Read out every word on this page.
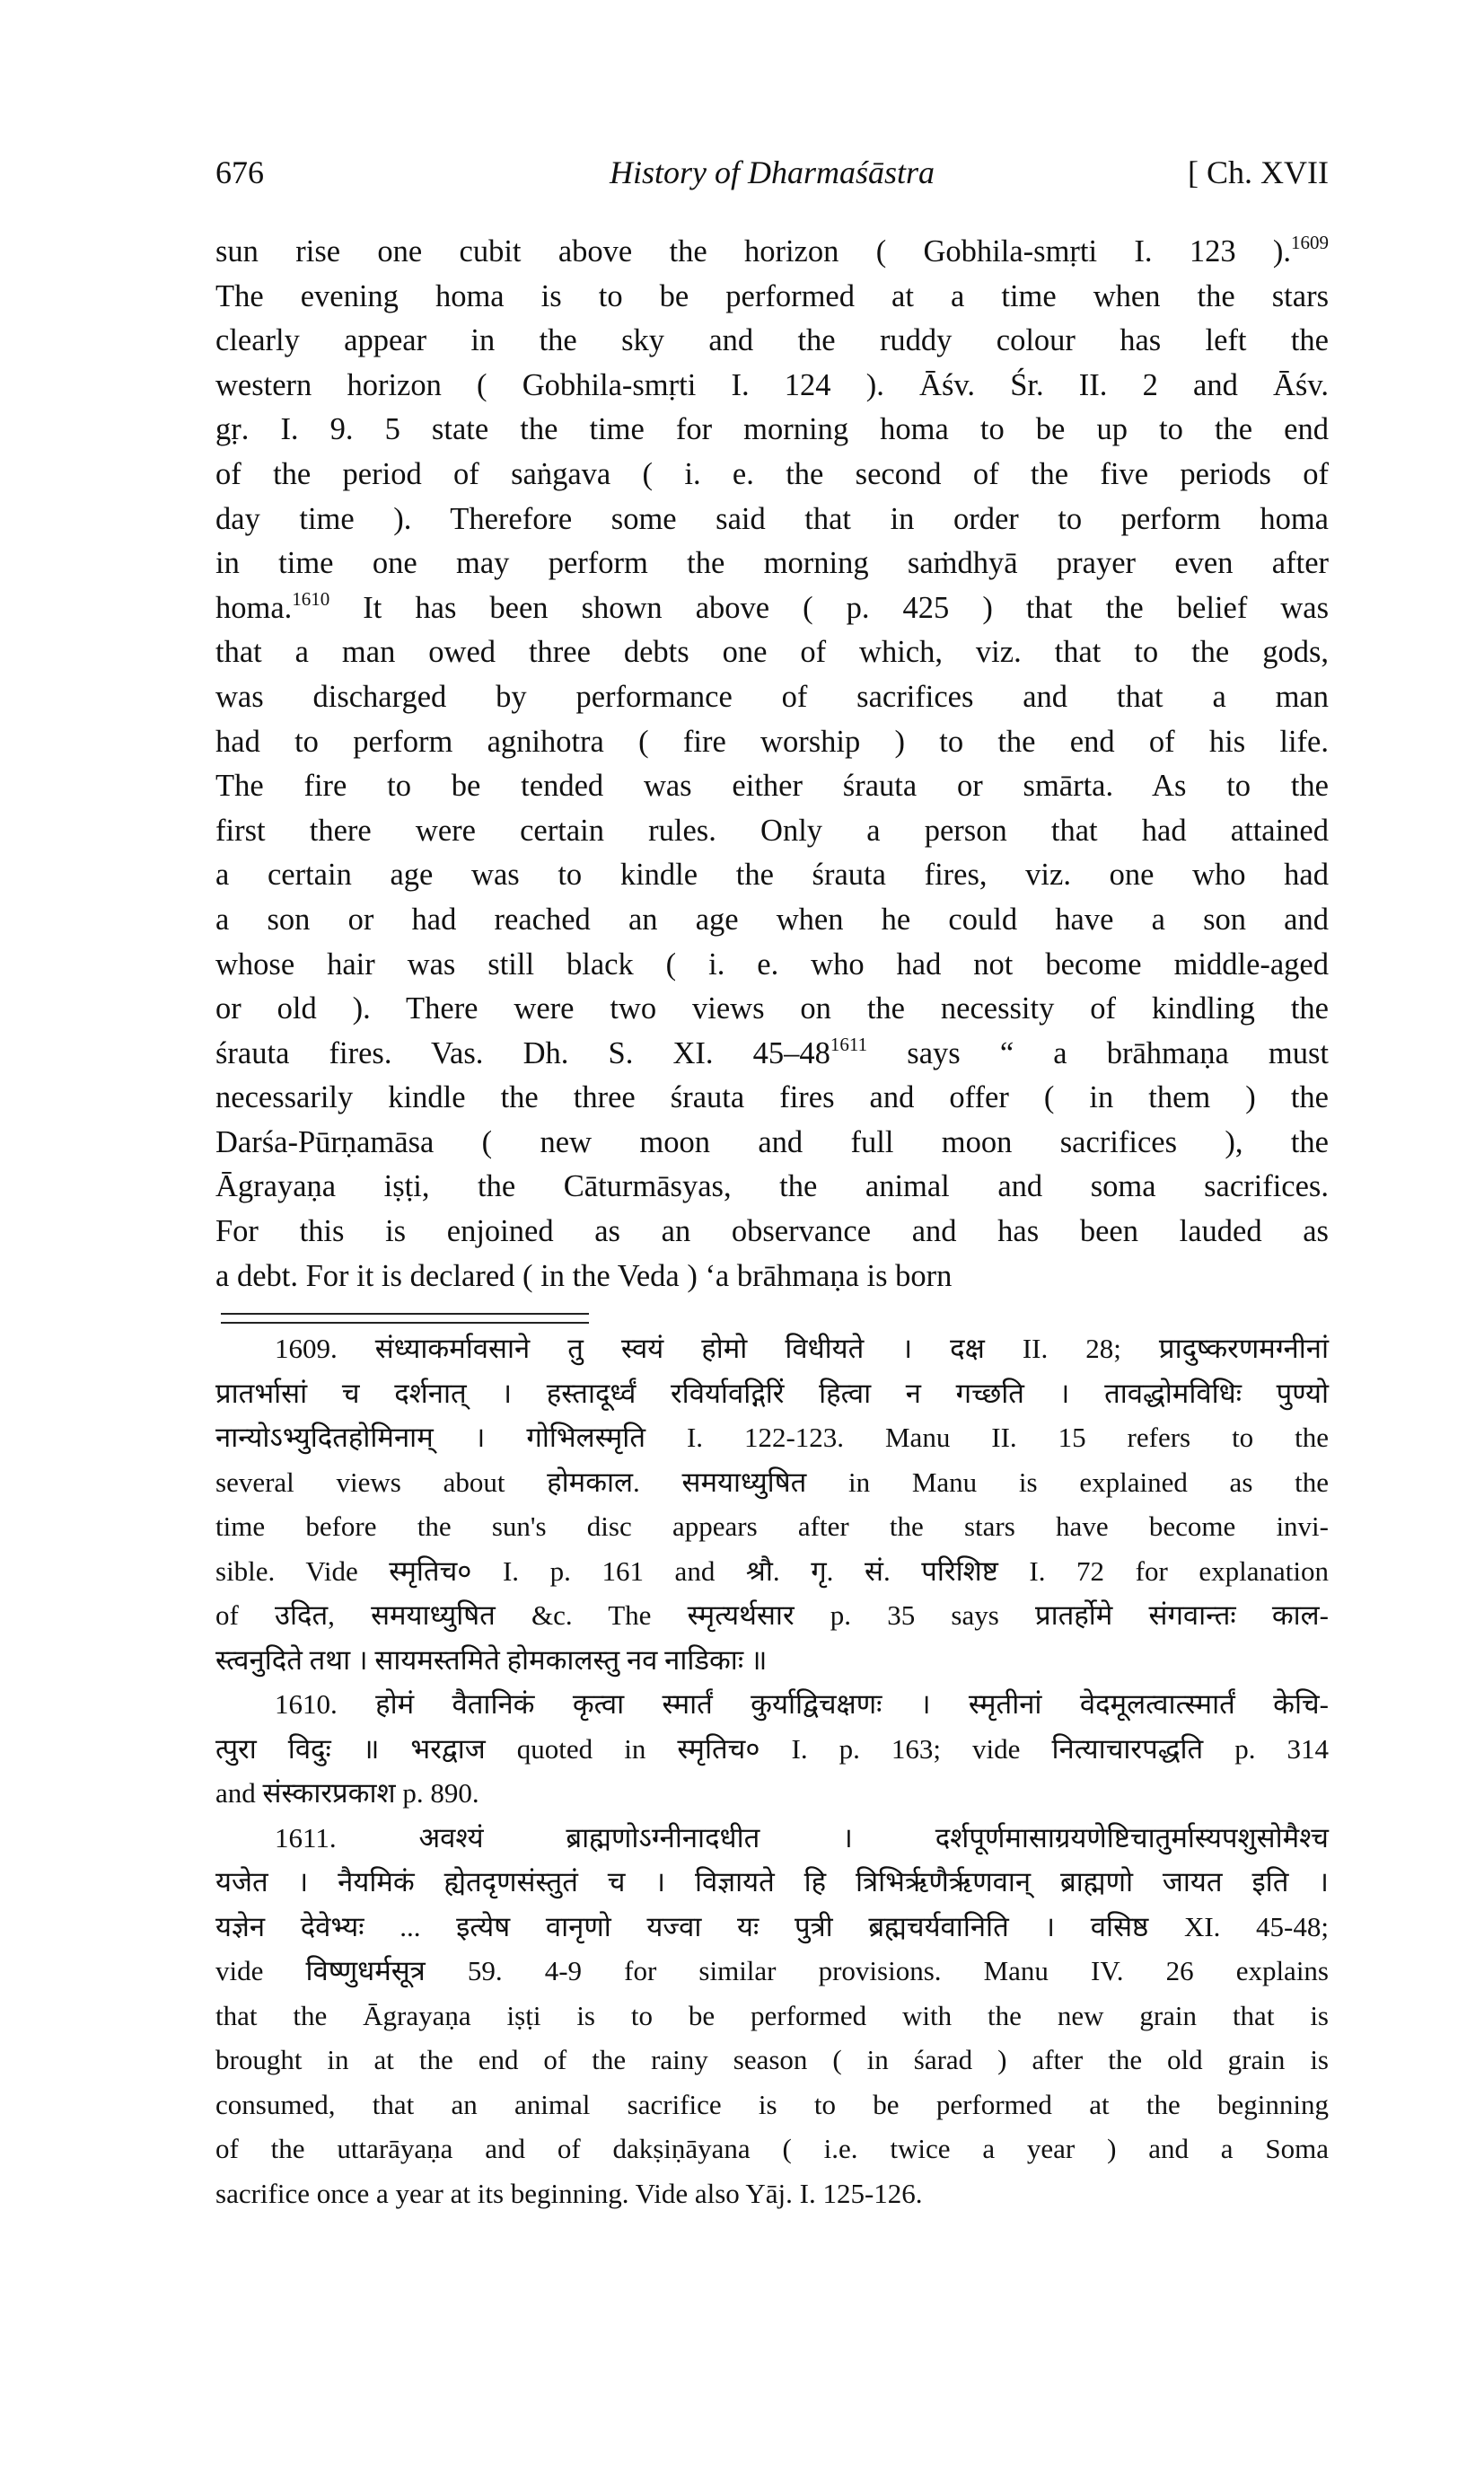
676	History of Dharmaśāstra	[ Ch. XVII
sun rise one cubit above the horizon ( Gobhila-smṛti I. 123 ).$^{1609}$
The evening homa is to be performed at a time when the stars
clearly appear in the sky and the ruddy colour has left the
western horizon ( Gobhila-smṛti I. 124 ). Āśv. Śr. II. 2 and Āśv.
gṛ. I. 9. 5 state the time for morning homa to be up to the end
of the period of saṅgava ( i. e. the second of the five periods of
day time ). Therefore some said that in order to perform homa
in time one may perform the morning saṁdhyā prayer even after
homa.$^{1610}$ It has been shown above ( p. 425 ) that the belief was
that a man owed three debts one of which, viz. that to the gods,
was discharged by performance of sacrifices and that a man
had to perform agnihotra ( fire worship ) to the end of his life.
The fire to be tended was either śrauta or smārta. As to the
first there were certain rules. Only a person that had attained
a certain age was to kindle the śrauta fires, viz. one who had
a son or had reached an age when he could have a son and
whose hair was still black ( i. e. who had not become middle-aged
or old ). There were two views on the necessity of kindling the
śrauta fires. Vas. Dh. S. XI. 45–48$^{1611}$ says “ a brāhmaṇa must
necessarily kindle the three śrauta fires and offer ( in them ) the
Darśa-Pūrṇamāsa ( new moon and full moon sacrifices ), the
Āgrayaṇa iṣṭi, the Cāturmāsyas, the animal and soma sacrifices.
For this is enjoined as an observance and has been lauded as
a debt. For it is declared ( in the Veda ) ‘a brāhmaṇa is born
1609. संध्याकर्मावसाने तु स्वयं होमो विधीयते । दक्ष II. 28; प्रादुष्करणमग्नीनां
प्रातर्भासां च दर्शनात् । हस्तादूर्ध्वं रविर्यावद्गिरिं हित्वा न गच्छति । तावद्धोमविधिः पुण्यो
नान्योऽभ्युदितहोमिनाम् । गोभिलस्मृति I. 122-123. Manu II. 15 refers to the
several views about होमकाल. समयाध्युषित in Manu is explained as the
time before the sun's disc appears after the stars have become invi-
sible. Vide स्मृतिच० I. p. 161 and श्रौ. गृ. सं. परिशिष्ट I. 72 for explanation
of उदित, समयाध्युषित &c. The स्मृत्यर्थसार p. 35 says प्रातर्होमे संगवान्तः काल-
स्त्वनुदिते तथा । सायमस्तमिते होमकालस्तु नव नाडिकाः ॥
1610. होमं वैतानिकं कृत्वा स्मार्तं कुर्याद्विचक्षणः । स्मृतीनां वेदमूलत्वात्स्मार्तं केचि-
त्पुरा विदुः ॥ भरद्वाज quoted in स्मृतिच० I. p. 163; vide नित्याचारपद्धति p. 314
and संस्कारप्रकाश p. 890.
1611. अवश्यं ब्राह्मणोऽग्नीनादधीत । दर्शपूर्णमासाग्रयणेष्टिचातुर्मास्यपशुसोमैश्च
यजेत । नैयमिकं ह्येतदृणसंस्तुतं च । विज्ञायते हि त्रिभिर्ऋणैर्ऋणवान् ब्राह्मणो जायत इति ।
यज्ञेन देवेभ्यः ... इत्येष वानृणो यज्वा यः पुत्री ब्रह्मचर्यवानिति । वसिष्ठ XI. 45-48;
vide विष्णुधर्मसूत्र 59. 4-9 for similar provisions. Manu IV. 26 explains
that the Āgrayaṇa iṣṭi is to be performed with the new grain that is
brought in at the end of the rainy season ( in śarad ) after the old grain is
consumed, that an animal sacrifice is to be performed at the beginning
of the uttarāyaṇa and of dakṣiṇāyana ( i.e. twice a year ) and a Soma
sacrifice once a year at its beginning. Vide also Yāj. I. 125-126.
